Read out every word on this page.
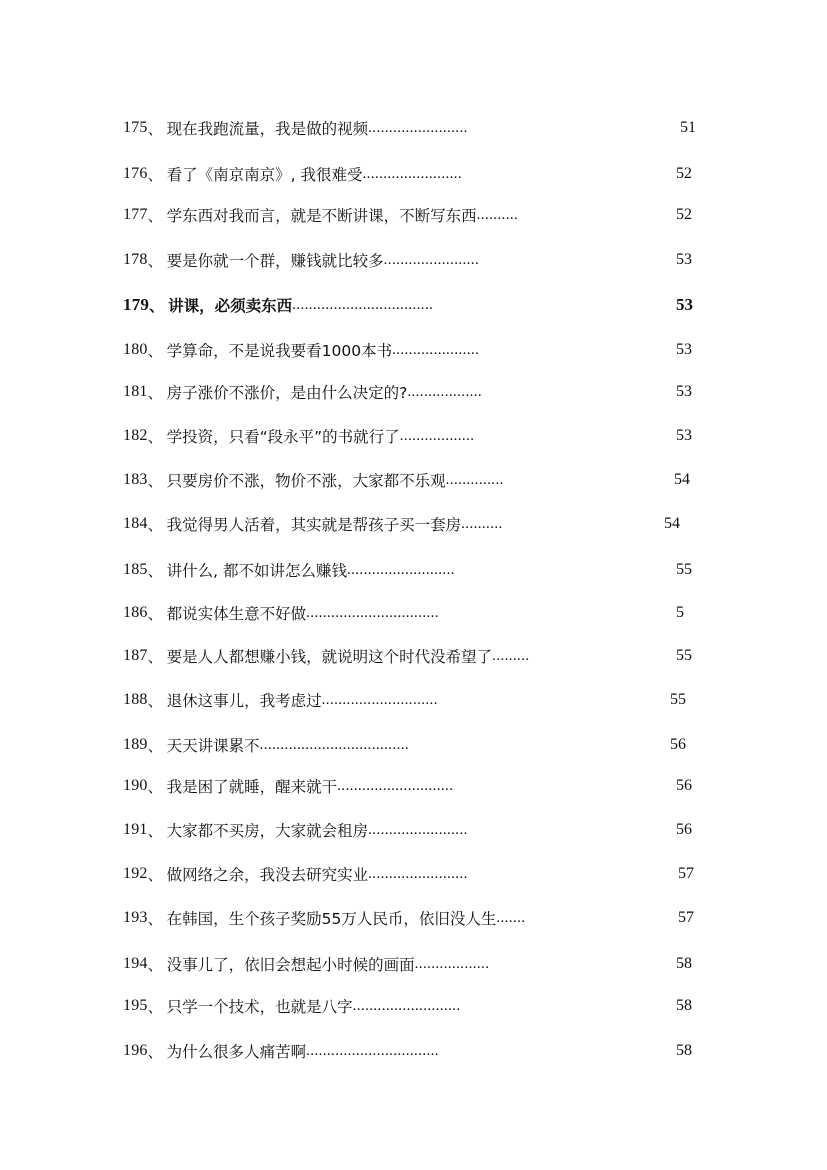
175 、 现在我跑流量，我是做的视频 ........................	51
176 、 看了《南京南京》, 我很难受 ........................	52
177 、 学东西对我而言，就是不断讲课，不断写东西 ..........	52
178 、 要是你就一个群，赚钱就比较多 .......................	53
179 、 讲课，必须卖东西 ..................................	53
180 、 学算命，不是说我要看1000本书 .....................	53
181 、 房子涨价不涨价，是由什么决定的? ..................	53
182 、 学投资，只看“段永平”的书就行了 ..................	53
183 、 只要房价不涨，物价不涨，大家都不乐观 ..............	54
184 、 我觉得男人活着，其实就是帮孩子买一套房 ..........	54
185 、 讲什么, 都不如讲怎么赚钱 ..........................	55
186 、 都说实体生意不好做 ................................	5
187 、 要是人人都想赚小钱，就说明这个时代没希望了 .........	55
188 、 退休这事儿，我考虑过 ............................	55
189 、 天天讲课累不 ....................................	56
190 、 我是困了就睡，醒来就干 ............................	56
191 、 大家都不买房，大家就会租房 ........................	56
192 、 做网络之余，我没去研究实业 ........................	57
193 、 在韩国，生个孩子奖励55万人民币，依旧没人生 .......	57
194 、 没事儿了，依旧会想起小时候的画面 ..................	58
195 、 只学一个技术，也就是八字 ..........................	58
196 、 为什么很多人痛苦啊 ................................	58
